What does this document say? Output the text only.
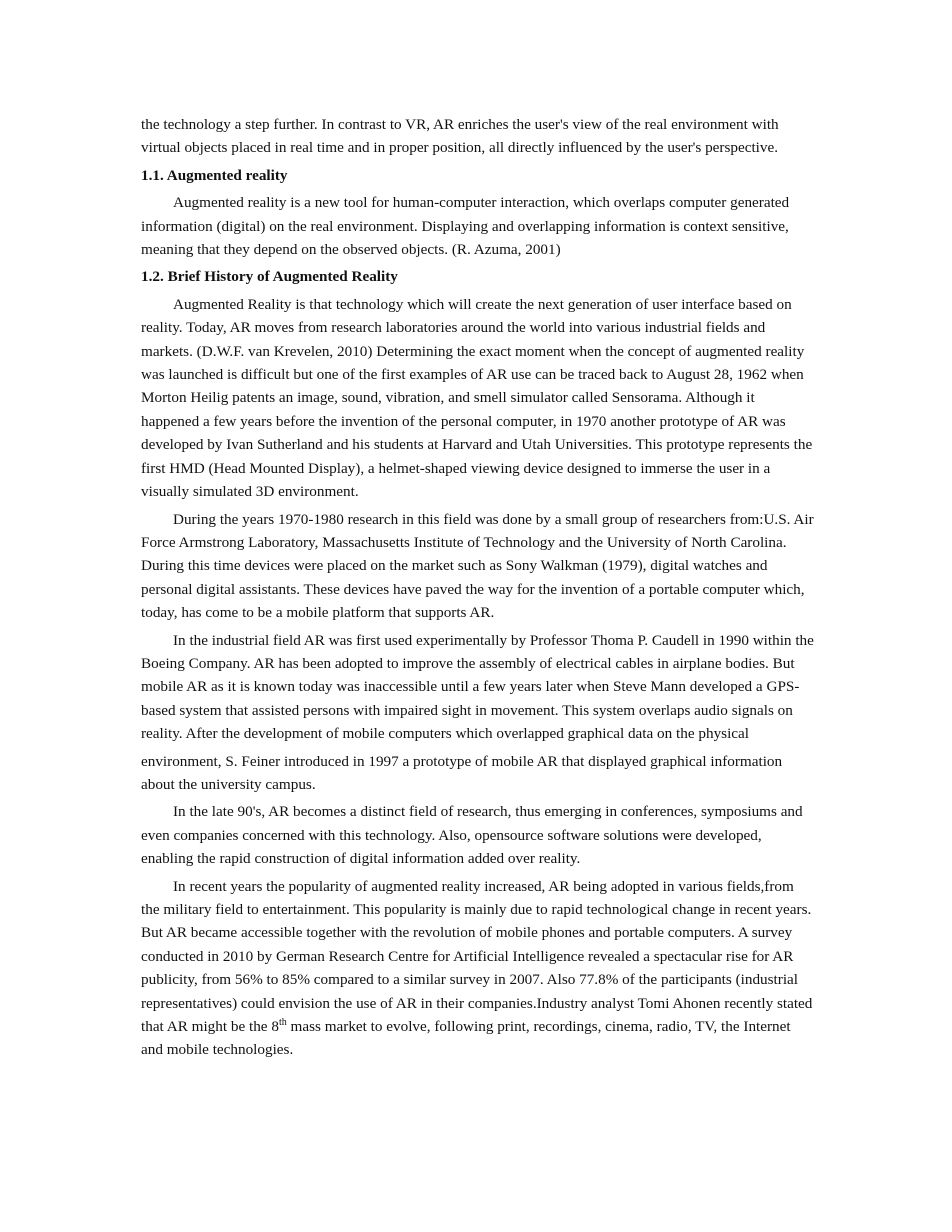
the technology a step further. In contrast to VR, AR enriches the user's view of the real environment with virtual objects placed in real time and in proper position, all directly influenced by the user's perspective.

1.1. Augmented reality

Augmented reality is a new tool for human-computer interaction, which overlaps computer generated information (digital) on the real environment. Displaying and overlapping information is context sensitive, meaning that they depend on the observed objects. (R. Azuma, 2001)

1.2. Brief History of Augmented Reality

Augmented Reality is that technology which will create the next generation of user interface based on reality. Today, AR moves from research laboratories around the world into various industrial fields and markets. (D.W.F. van Krevelen, 2010) Determining the exact moment when the concept of augmented reality was launched is difficult but one of the first examples of AR use can be traced back to August 28, 1962 when Morton Heilig patents an image, sound, vibration, and smell simulator called Sensorama. Although it happened a few years before the invention of the personal computer, in 1970 another prototype of AR was developed by Ivan Sutherland and his students at Harvard and Utah Universities. This prototype represents the first HMD (Head Mounted Display), a helmet-shaped viewing device designed to immerse the user in a visually simulated 3D environment.

During the years 1970-1980 research in this field was done by a small group of researchers from:U.S. Air Force Armstrong Laboratory, Massachusetts Institute of Technology and the University of North Carolina. During this time devices were placed on the market such as Sony Walkman (1979), digital watches and personal digital assistants. These devices have paved the way for the invention of a portable computer which, today, has come to be a mobile platform that supports AR.

In the industrial field AR was first used experimentally by Professor Thoma P. Caudell in 1990 within the Boeing Company. AR has been adopted to improve the assembly of electrical cables in airplane bodies. But mobile AR as it is known today was inaccessible until a few years later when Steve Mann developed a GPS-based system that assisted persons with impaired sight in movement. This system overlaps audio signals on reality. After the development of mobile computers which overlapped graphical data on the physical

environment, S. Feiner introduced in 1997 a prototype of mobile AR that displayed graphical information about the university campus.

In the late 90's, AR becomes a distinct field of research, thus emerging in conferences, symposiums and even companies concerned with this technology. Also, opensource software solutions were developed, enabling the rapid construction of digital information added over reality.

In recent years the popularity of augmented reality increased, AR being adopted in various fields,from the military field to entertainment. This popularity is mainly due to rapid technological change in recent years. But AR became accessible together with the revolution of mobile phones and portable computers. A survey conducted in 2010 by German Research Centre for Artificial Intelligence revealed a spectacular rise for AR publicity, from 56% to 85% compared to a similar survey in 2007. Also 77.8% of the participants (industrial representatives) could envision the use of AR in their companies.Industry analyst Tomi Ahonen recently stated that AR might be the 8th mass market to evolve, following print, recordings, cinema, radio, TV, the Internet and mobile technologies.
